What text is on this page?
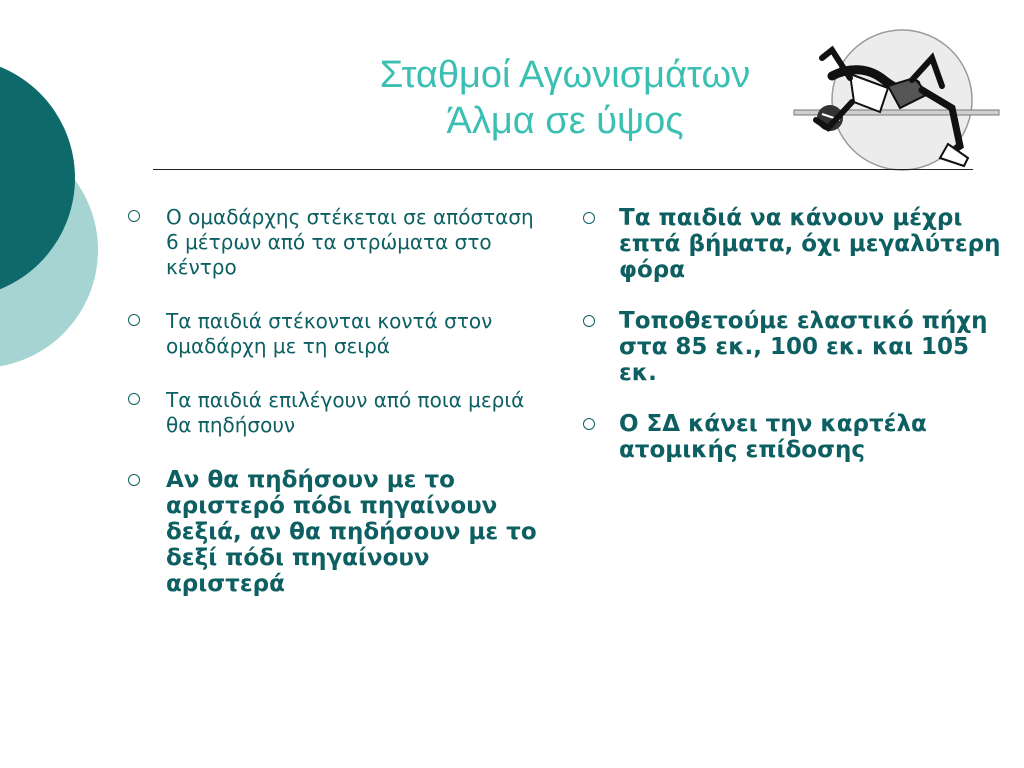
Σταθμοί Αγωνισμάτων
Άλμα σε ύψος
Ο ομαδάρχης στέκεται σε απόσταση 6 μέτρων από τα στρώματα στο κέντρο
Τα παιδιά στέκονται κοντά στον ομαδάρχη με τη σειρά
Τα παιδιά επιλέγουν από ποια μεριά θα πηδήσουν
Αν θα πηδήσουν με το αριστερό πόδι πηγαίνουν δεξιά, αν θα πηδήσουν με το δεξί πόδι πηγαίνουν αριστερά
Τα παιδιά να κάνουν μέχρι επτά βήματα, όχι μεγαλύτερη φόρα
Τοποθετούμε ελαστικό πήχη στα 85 εκ., 100 εκ. και 105 εκ.
Ο ΣΔ κάνει την καρτέλα ατομικής επίδοσης
